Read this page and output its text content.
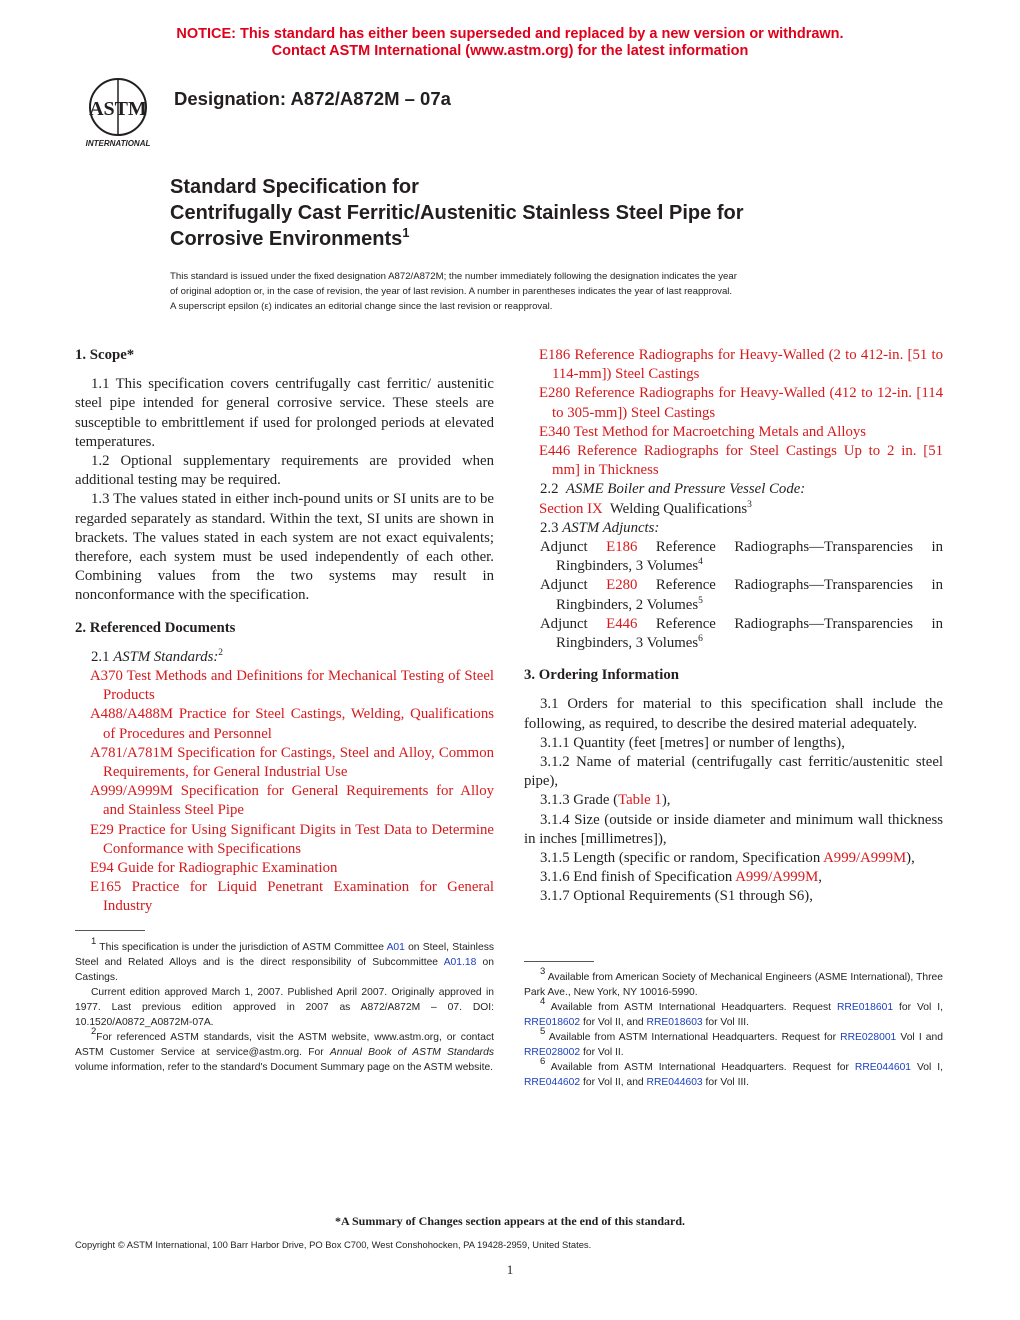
NOTICE: This standard has either been superseded and replaced by a new version or withdrawn.
Contact ASTM International (www.astm.org) for the latest information
ASTM
INTERNATIONAL
Designation: A872/A872M – 07a
Standard Specification for
Centrifugally Cast Ferritic/Austenitic Stainless Steel Pipe for
Corrosive Environments$^1$
This standard is issued under the fixed designation A872/A872M; the number immediately following the designation indicates the year
of original adoption or, in the case of revision, the year of last revision. A number in parentheses indicates the year of last reapproval.
A superscript epsilon (ε) indicates an editorial change since the last revision or reapproval.

1. Scope*

1.1 This specification covers centrifugally cast ferritic/ austenitic steel pipe intended for general corrosive service. These steels are susceptible to embrittlement if used for prolonged periods at elevated temperatures.

1.2 Optional supplementary requirements are provided when additional testing may be required.

1.3 The values stated in either inch-pound units or SI units are to be regarded separately as standard. Within the text, SI units are shown in brackets. The values stated in each system are not exact equivalents; therefore, each system must be used independently of each other. Combining values from the two systems may result in nonconformance with the specification.

2. Referenced Documents

2.1 ASTM Standards:$^2$

A370 Test Methods and Definitions for Mechanical Testing of Steel Products

A488/A488M Practice for Steel Castings, Welding, Qualifications of Procedures and Personnel

A781/A781M Specification for Castings, Steel and Alloy, Common Requirements, for General Industrial Use

A999/A999M Specification for General Requirements for Alloy and Stainless Steel Pipe

E29 Practice for Using Significant Digits in Test Data to Determine Conformance with Specifications

E94 Guide for Radiographic Examination

E165 Practice for Liquid Penetrant Examination for General Industry

E186 Reference Radiographs for Heavy-Walled (2 to 412-in. [51 to 114-mm]) Steel Castings

E280 Reference Radiographs for Heavy-Walled (412 to 12-in. [114 to 305-mm]) Steel Castings

E340 Test Method for Macroetching Metals and Alloys

E446 Reference Radiographs for Steel Castings Up to 2 in. [51 mm] in Thickness

2.2 ASME Boiler and Pressure Vessel Code:

Section IX Welding Qualifications$^3$

2.3 ASTM Adjuncts:

Adjunct E186 Reference Radiographs—Transparencies in Ringbinders, 3 Volumes$^4$

Adjunct E280 Reference Radiographs—Transparencies in Ringbinders, 2 Volumes$^5$

Adjunct E446 Reference Radiographs—Transparencies in Ringbinders, 3 Volumes$^6$

3. Ordering Information

3.1 Orders for material to this specification shall include the following, as required, to describe the desired material adequately.

3.1.1 Quantity (feet [metres] or number of lengths),

3.1.2 Name of material (centrifugally cast ferritic/austenitic steel pipe),

3.1.3 Grade (Table 1),

3.1.4 Size (outside or inside diameter and minimum wall thickness in inches [millimetres]),

3.1.5 Length (specific or random, Specification A999/A999M),

3.1.6 End finish of Specification A999/A999M,

3.1.7 Optional Requirements (S1 through S6),

$^1$ This specification is under the jurisdiction of ASTM Committee A01 on Steel, Stainless Steel and Related Alloys and is the direct responsibility of Subcommittee A01.18 on Castings.

Current edition approved March 1, 2007. Published April 2007. Originally approved in 1977. Last previous edition approved in 2007 as A872/A872M – 07. DOI: 10.1520/A0872_A0872M-07A.

$^2$For referenced ASTM standards, visit the ASTM website, www.astm.org, or contact ASTM Customer Service at service@astm.org. For Annual Book of ASTM Standards volume information, refer to the standard's Document Summary page on the ASTM website.

$^3$ Available from American Society of Mechanical Engineers (ASME International), Three Park Ave., New York, NY 10016-5990.

$^4$ Available from ASTM International Headquarters. Request RRE018601 for Vol I, RRE018602 for Vol II, and RRE018603 for Vol III.

$^5$ Available from ASTM International Headquarters. Request for RRE028001 Vol I and RRE028002 for Vol II.

$^6$ Available from ASTM International Headquarters. Request for RRE044601 Vol I, RRE044602 for Vol II, and RRE044603 for Vol III.

*A Summary of Changes section appears at the end of this standard.
Copyright © ASTM International, 100 Barr Harbor Drive, PO Box C700, West Conshohocken, PA 19428-2959, United States.
1
